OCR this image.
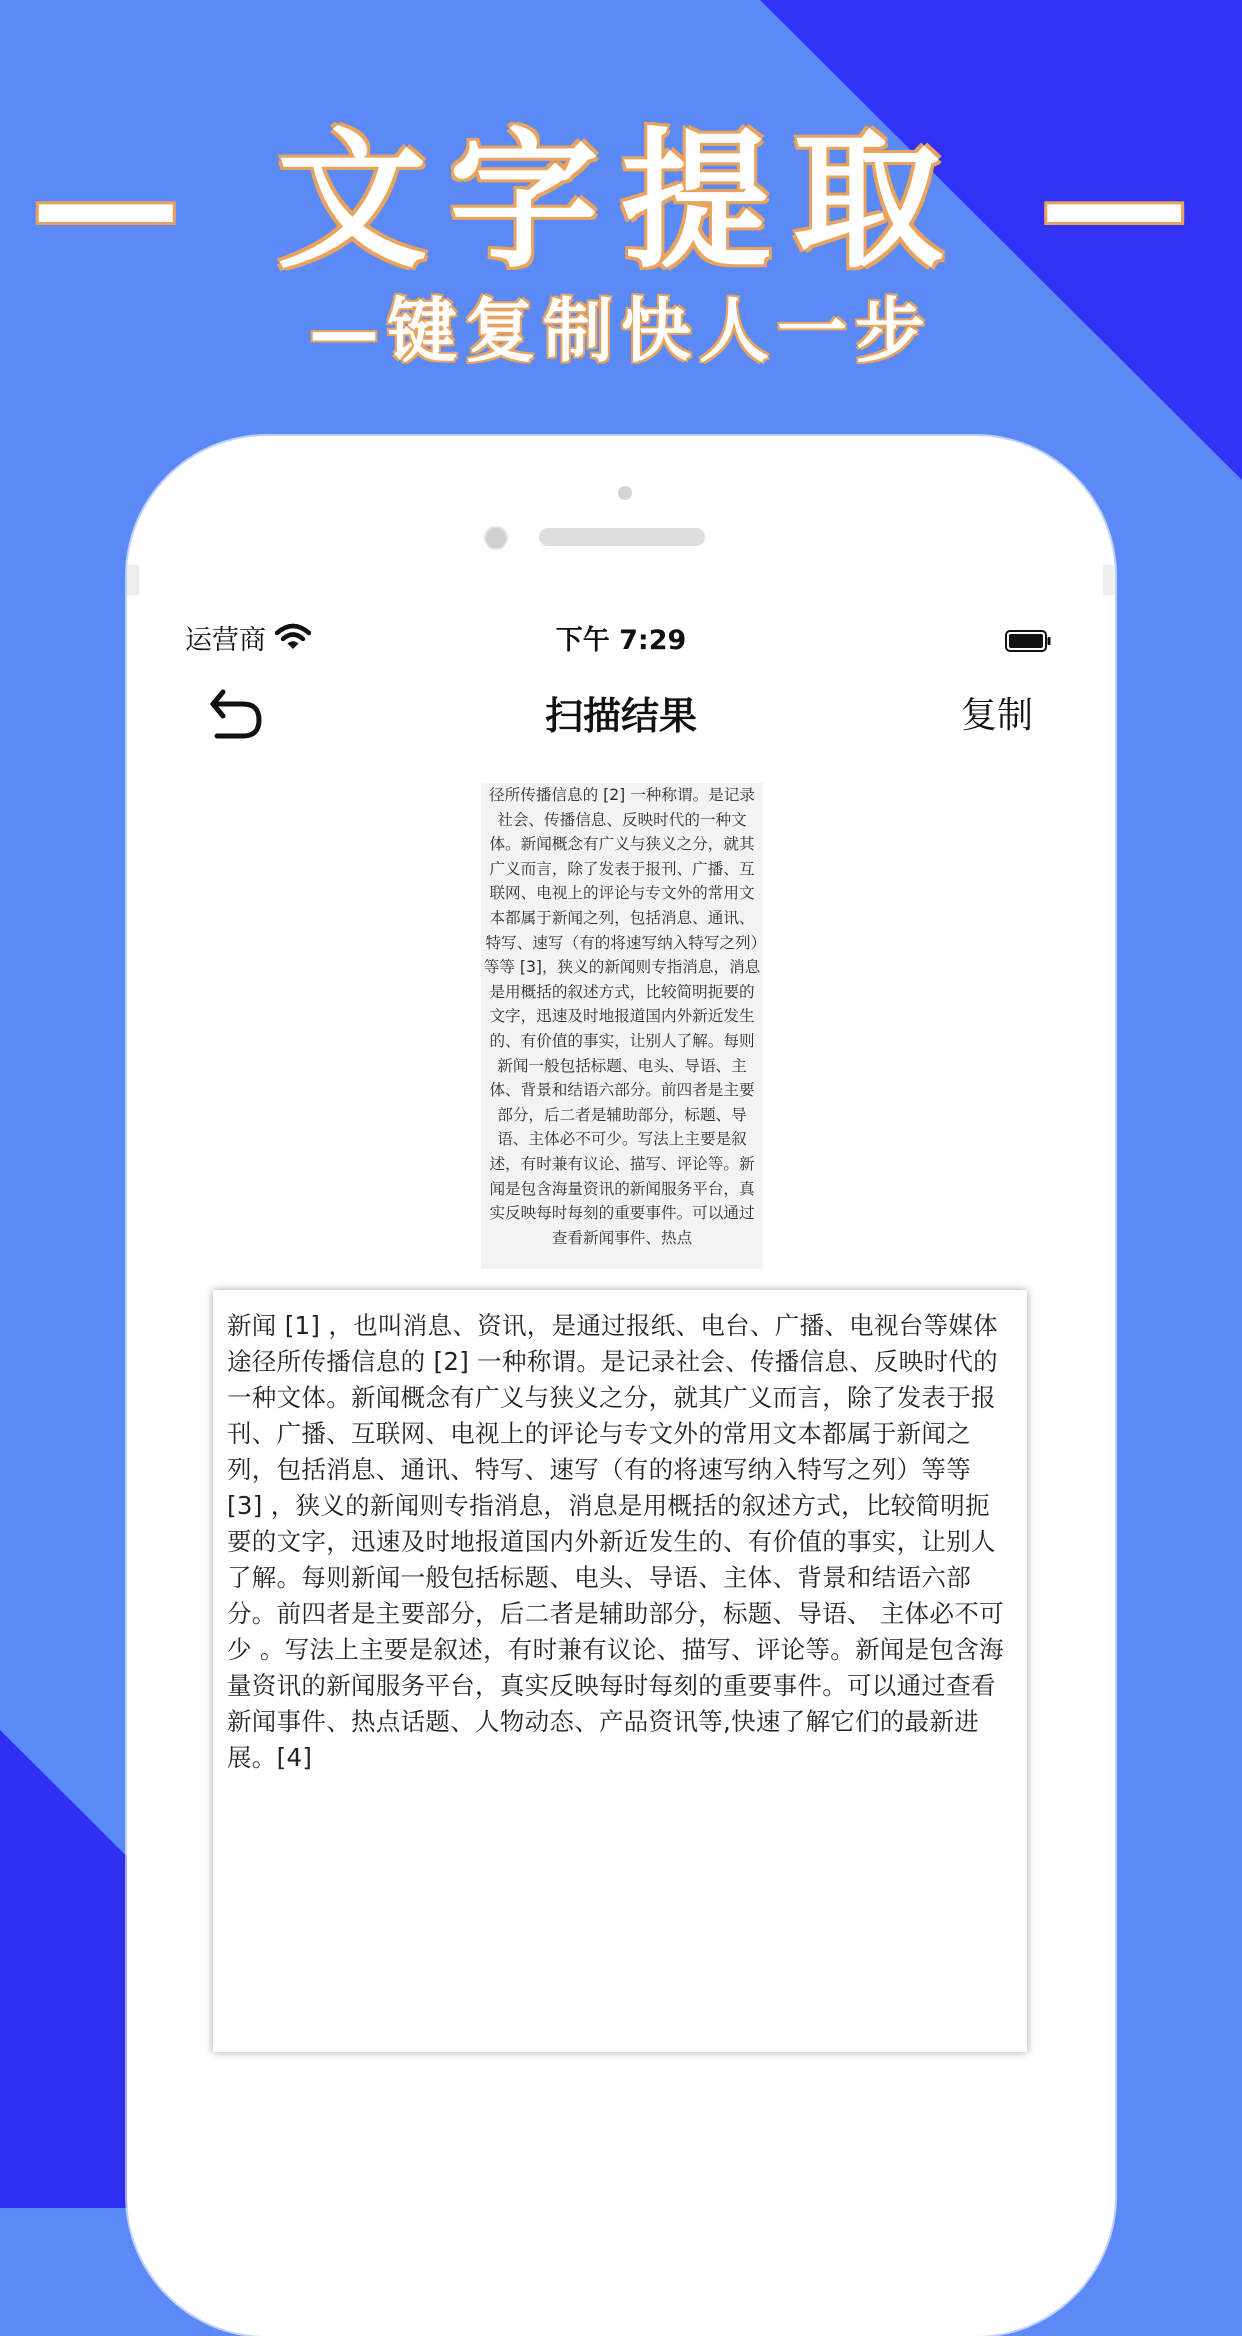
— 文字提取 —
—键复制快人一步
运营商	下午 7:29
扫描结果	复制

径所传播信息的 [2] 一种称谓。是记录社会、传播信息、反映时代的一种文体。新闻概念有广义与狭义之分，就其广义而言，除了发表于报刊、广播、互联网、电视上的评论与专文外的常用文本都属于新闻之列，包括消息、通讯、特写、速写（有的将速写纳入特写之列）等等 [3]，狭义的新闻则专指消息，消息是用概括的叙述方式，比较简明扼要的文字，迅速及时地报道国内外新近发生的、有价值的事实，让别人了解。每则新闻一般包括标题、电头、导语、主体、背景和结语六部分。前四者是主要部分，后二者是辅助部分，标题、导语、主体必不可少。写法上主要是叙述，有时兼有议论、描写、评论等。新闻是包含海量资讯的新闻服务平台，真实反映每时每刻的重要事件。可以通过查看新闻事件、热点

新闻 [1] ，也叫消息、资讯，是通过报纸、电台、广播、电视台等媒体途径所传播信息的 [2] 一种称谓。是记录社会、传播信息、反映时代的一种文体。新闻概念有广义与狭义之分，就其广义而言，除了发表于报刊、广播、互联网、电视上的评论与专文外的常用文本都属于新闻之列，包括消息、通讯、特写、速写（有的将速写纳入特写之列）等等 [3] ，狭义的新闻则专指消息，消息是用概括的叙述方式，比较简明扼要的文字，迅速及时地报道国内外新近发生的、有价值的事实，让别人了解。每则新闻一般包括标题、电头、导语、主体、背景和结语六部分。前四者是主要部分，后二者是辅助部分，标题、导语、 主体必不可少 。写法上主要是叙述，有时兼有议论、描写、评论等。新闻是包含海量资讯的新闻服务平台，真实反映每时每刻的重要事件。可以通过查看新闻事件、热点话题、人物动态、产品资讯等,快速了解它们的最新进展。[4]
